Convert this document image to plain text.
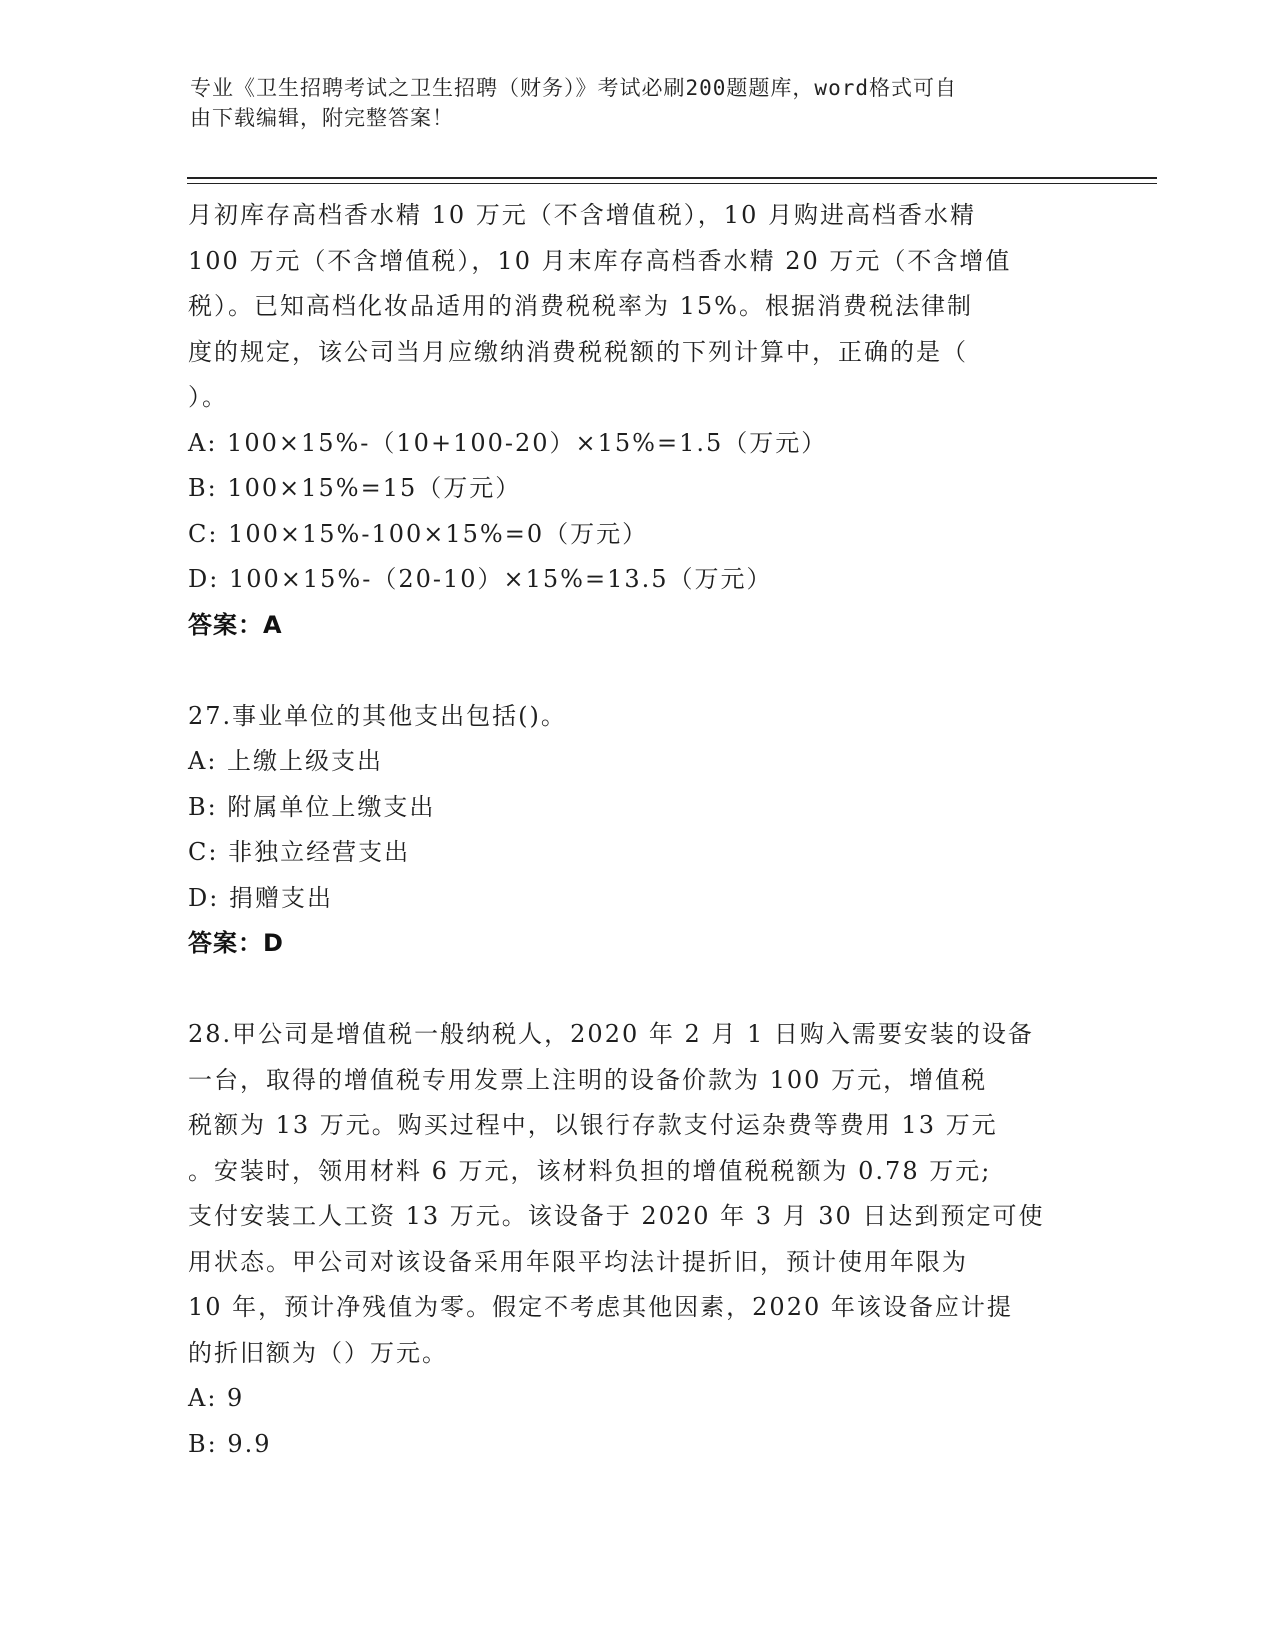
专业《卫生招聘考试之卫生招聘（财务）》考试必刷200题题库，word格式可自
由下载编辑，附完整答案！

月初库存高档香水精 10 万元（不含增值税），10 月购进高档香水精

100 万元（不含增值税），10 月末库存高档香水精 20 万元（不含增值

税）。已知高档化妆品适用的消费税税率为 15%。根据消费税法律制

度的规定，该公司当月应缴纳消费税税额的下列计算中，正确的是（

）。

A: 100×15%-（10+100-20）×15%=1.5（万元）

B: 100×15%=15（万元）

C: 100×15%-100×15%=0（万元）

D: 100×15%-（20-10）×15%=13.5（万元）

答案：A

27.事业单位的其他支出包括()。

A: 上缴上级支出

B: 附属单位上缴支出

C: 非独立经营支出

D: 捐赠支出

答案：D

28.甲公司是增值税一般纳税人，2020 年 2 月 1 日购入需要安装的设备

一台，取得的增值税专用发票上注明的设备价款为 100 万元，增值税

税额为 13 万元。购买过程中，以银行存款支付运杂费等费用 13 万元

。安装时，领用材料 6 万元，该材料负担的增值税税额为 0.78 万元;

支付安装工人工资 13 万元。该设备于 2020 年 3 月 30 日达到预定可使

用状态。甲公司对该设备采用年限平均法计提折旧，预计使用年限为

10 年，预计净残值为零。假定不考虑其他因素，2020 年该设备应计提

的折旧额为（）万元。

A: 9

B: 9.9
